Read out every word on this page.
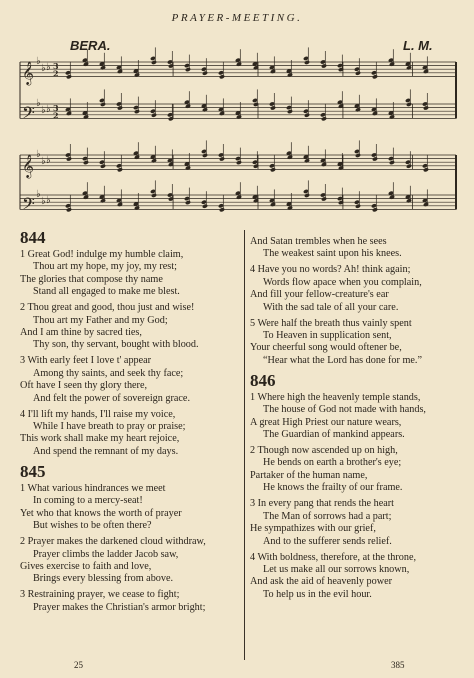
PRAYER-MEETING.
BERA.	L. M.
𝄞 ♭
♭ ♭ 3
2
𝄢 ♭
♭ ♭ 3
2
𝄞 ♭
♭ ♭
𝄢 ♭
♭ ♭
844
1 Great God! indulge my humble claim,
Thou art my hope, my joy, my rest;
The glories that compose thy name
Stand all engaged to make me blest.
2 Thou great and good, thou just and wise!
Thou art my Father and my God;
And I am thine by sacred ties,
Thy son, thy servant, bought with blood.
3 With early feet I love t' appear
Among thy saints, and seek thy face;
Oft have I seen thy glory there,
And felt the power of sovereign grace.
4 I'll lift my hands, I'll raise my voice,
While I have breath to pray or praise;
This work shall make my heart rejoice,
And spend the remnant of my days.
845
1 What various hindrances we meet
In coming to a mercy-seat!
Yet who that knows the worth of prayer
But wishes to be often there?
2 Prayer makes the darkened cloud withdraw,
Prayer climbs the ladder Jacob saw,
Gives exercise to faith and love,
Brings every blessing from above.
3 Restraining prayer, we cease to fight;
Prayer makes the Christian's armor bright;
And Satan trembles when he sees
The weakest saint upon his knees.
4 Have you no words? Ah! think again;
Words flow apace when you complain,
And fill your fellow-creature's ear
With the sad tale of all your care.
5 Were half the breath thus vainly spent
To Heaven in supplication sent,
Your cheerful song would oftener be,
“Hear what the Lord has done for me.”
846
1 Where high the heavenly temple stands,
The house of God not made with hands,
A great High Priest our nature wears,
The Guardian of mankind appears.
2 Though now ascended up on high,
He bends on earth a brother's eye;
Partaker of the human name,
He knows the frailty of our frame.
3 In every pang that rends the heart
The Man of sorrows had a part;
He sympathizes with our grief,
And to the sufferer sends relief.
4 With boldness, therefore, at the throne,
Let us make all our sorrows known,
And ask the aid of heavenly power
To help us in the evil hour.
25	385
